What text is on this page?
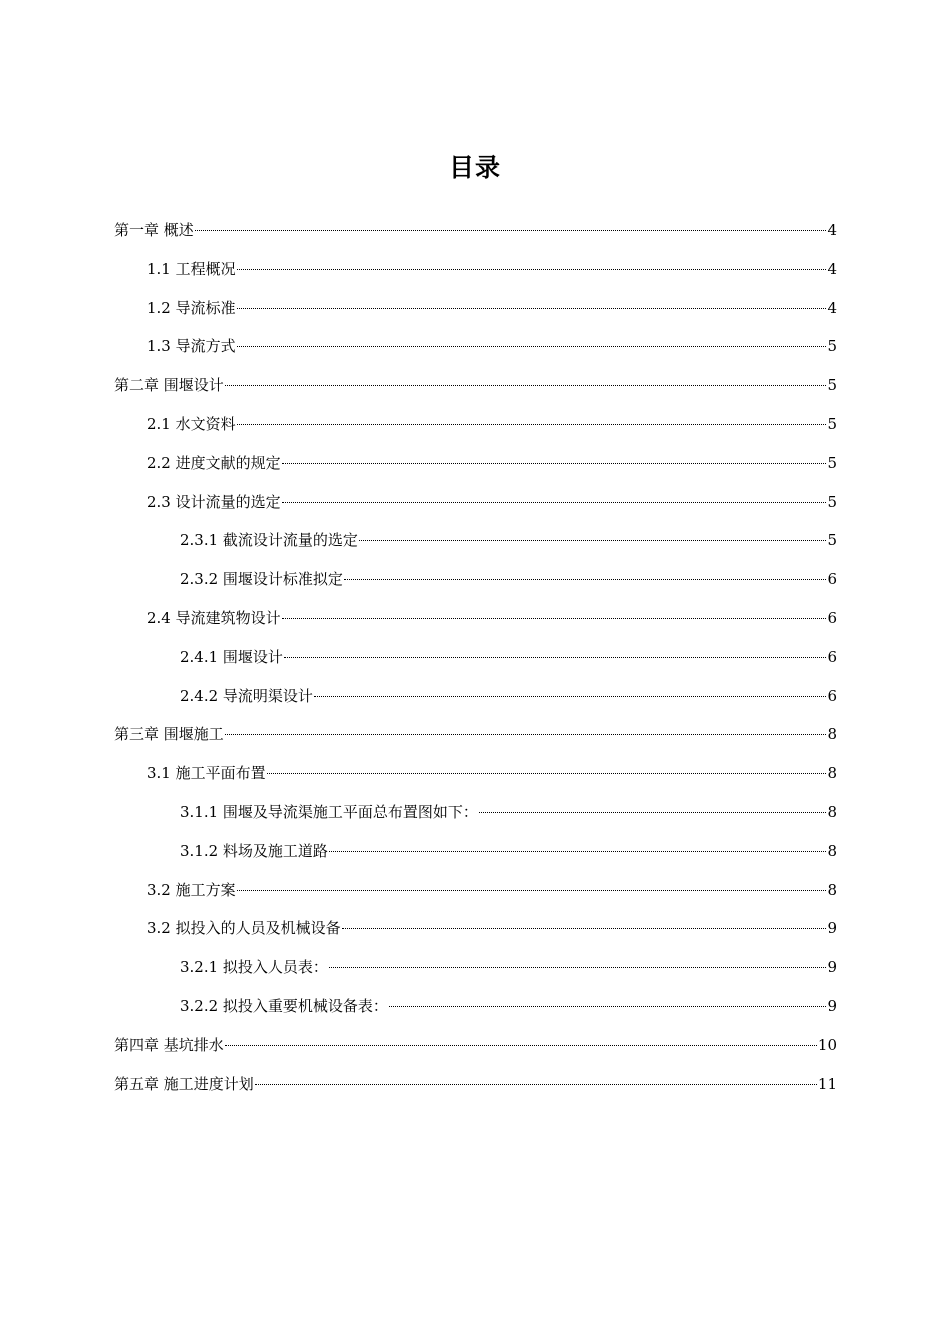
目录
第一章 概述	4
1.1 工程概况	4
1.2 导流标准	4
1.3 导流方式	5
第二章 围堰设计	5
2.1 水文资料	5
2.2 进度文献的规定	5
2.3 设计流量的选定	5
2.3.1 截流设计流量的选定	5
2.3.2 围堰设计标准拟定	6
2.4 导流建筑物设计	6
2.4.1 围堰设计	6
2.4.2 导流明渠设计	6
第三章 围堰施工	8
3.1 施工平面布置	8
3.1.1 围堰及导流渠施工平面总布置图如下：	8
3.1.2 料场及施工道路	8
3.2 施工方案	8
3.2 拟投入的人员及机械设备	9
3.2.1 拟投入人员表：	9
3.2.2 拟投入重要机械设备表：	9
第四章 基坑排水	10
第五章 施工进度计划	11
